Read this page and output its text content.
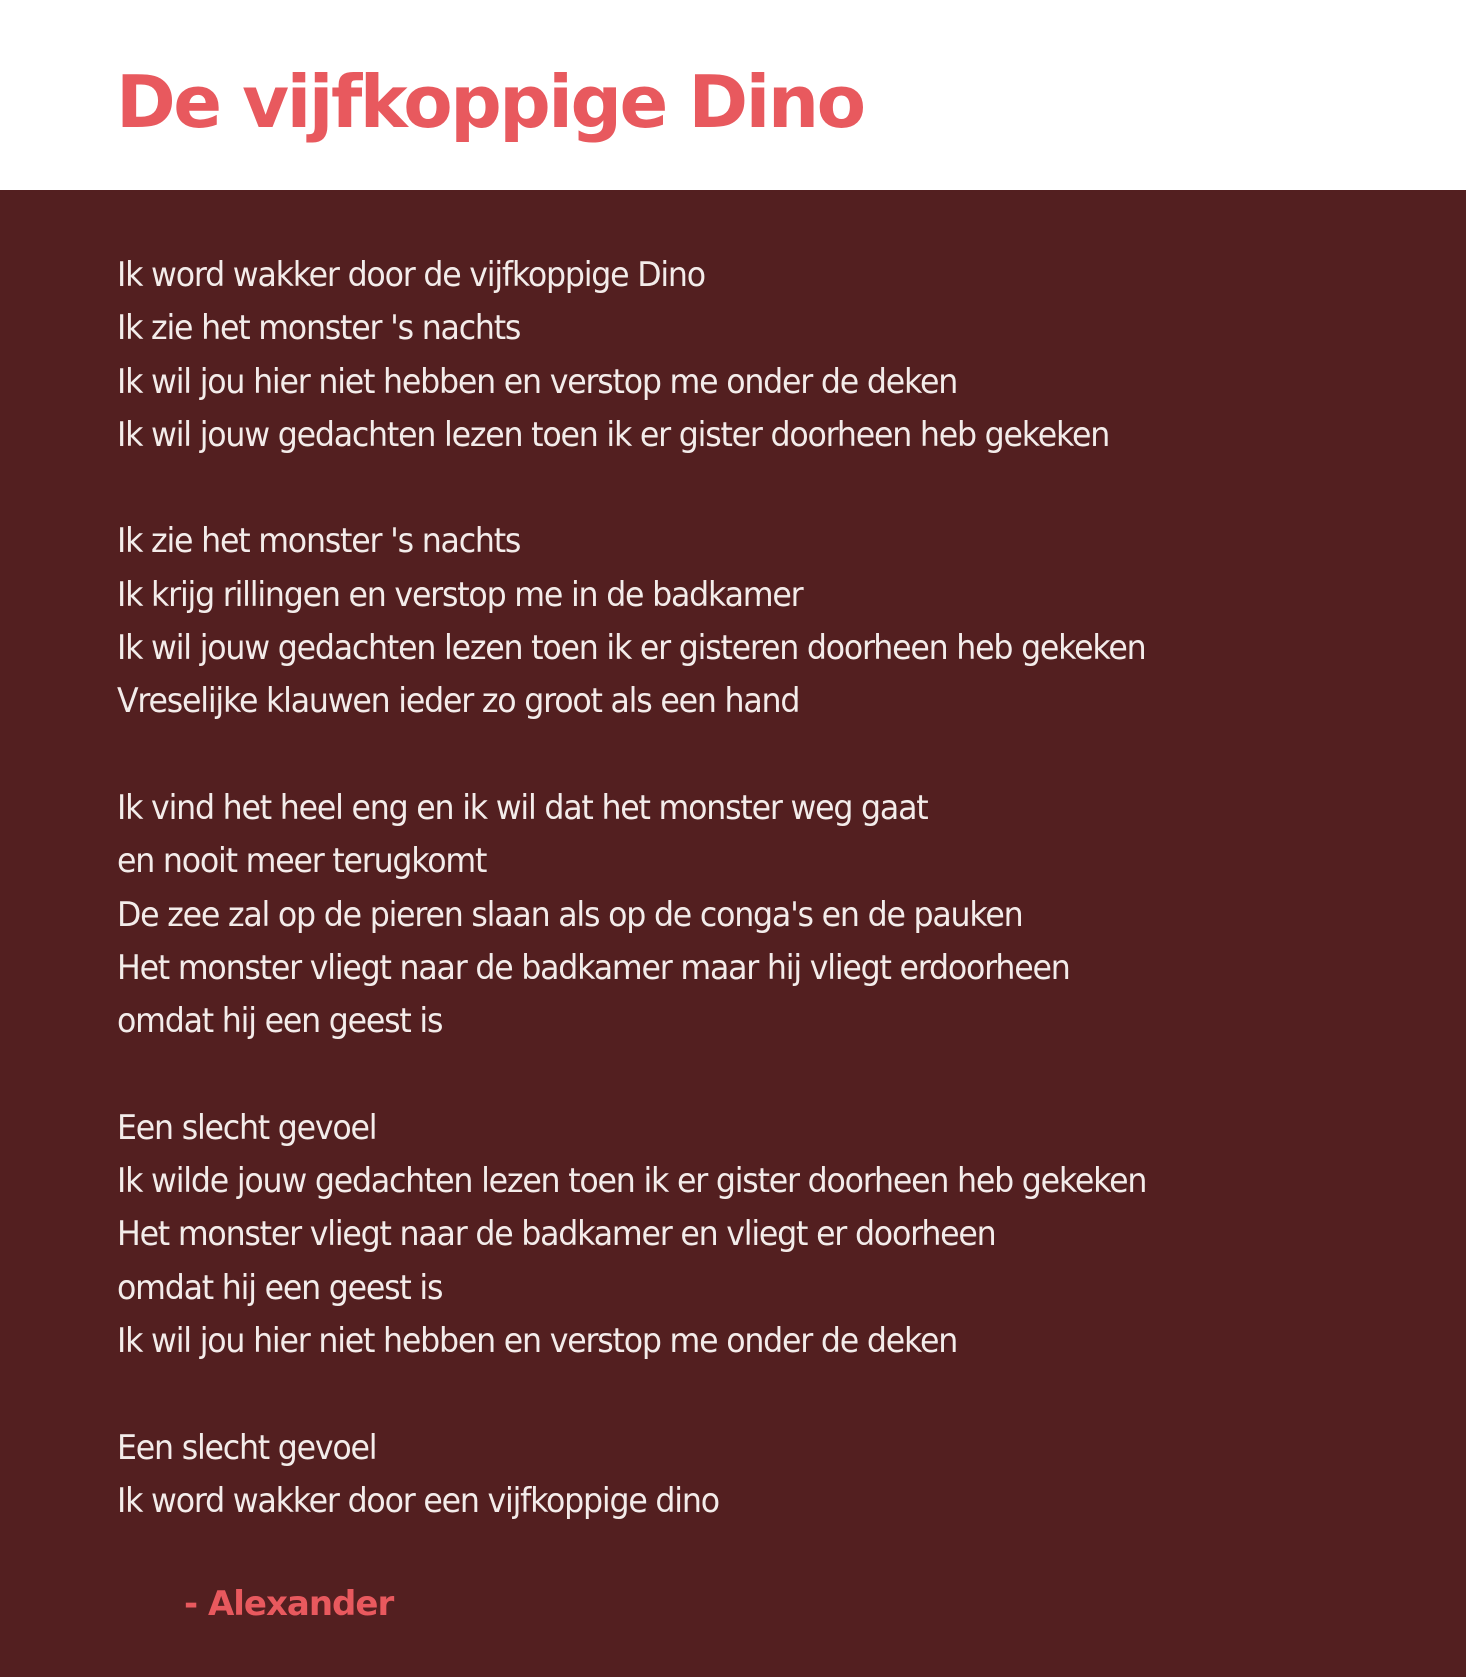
De vijfkoppige Dino
Ik word wakker door de vijfkoppige Dino
Ik zie het monster 's nachts
Ik wil jou hier niet hebben en verstop me onder de deken
Ik wil jouw gedachten lezen toen ik er gister doorheen heb gekeken
Ik zie het monster 's nachts
Ik krijg rillingen en verstop me in de badkamer
Ik wil jouw gedachten lezen toen ik er gisteren doorheen heb gekeken
Vreselijke klauwen ieder zo groot als een hand
Ik vind het heel eng en ik wil dat het monster weg gaat
en nooit meer terugkomt
De zee zal op de pieren slaan als op de conga's en de pauken
Het monster vliegt naar de badkamer maar hij vliegt erdoorheen
omdat hij een geest is
Een slecht gevoel
Ik wilde jouw gedachten lezen toen ik er gister doorheen heb gekeken
Het monster vliegt naar de badkamer en vliegt er doorheen
omdat hij een geest is
Ik wil jou hier niet hebben en verstop me onder de deken
Een slecht gevoel
Ik word wakker door een vijfkoppige dino
- Alexander
